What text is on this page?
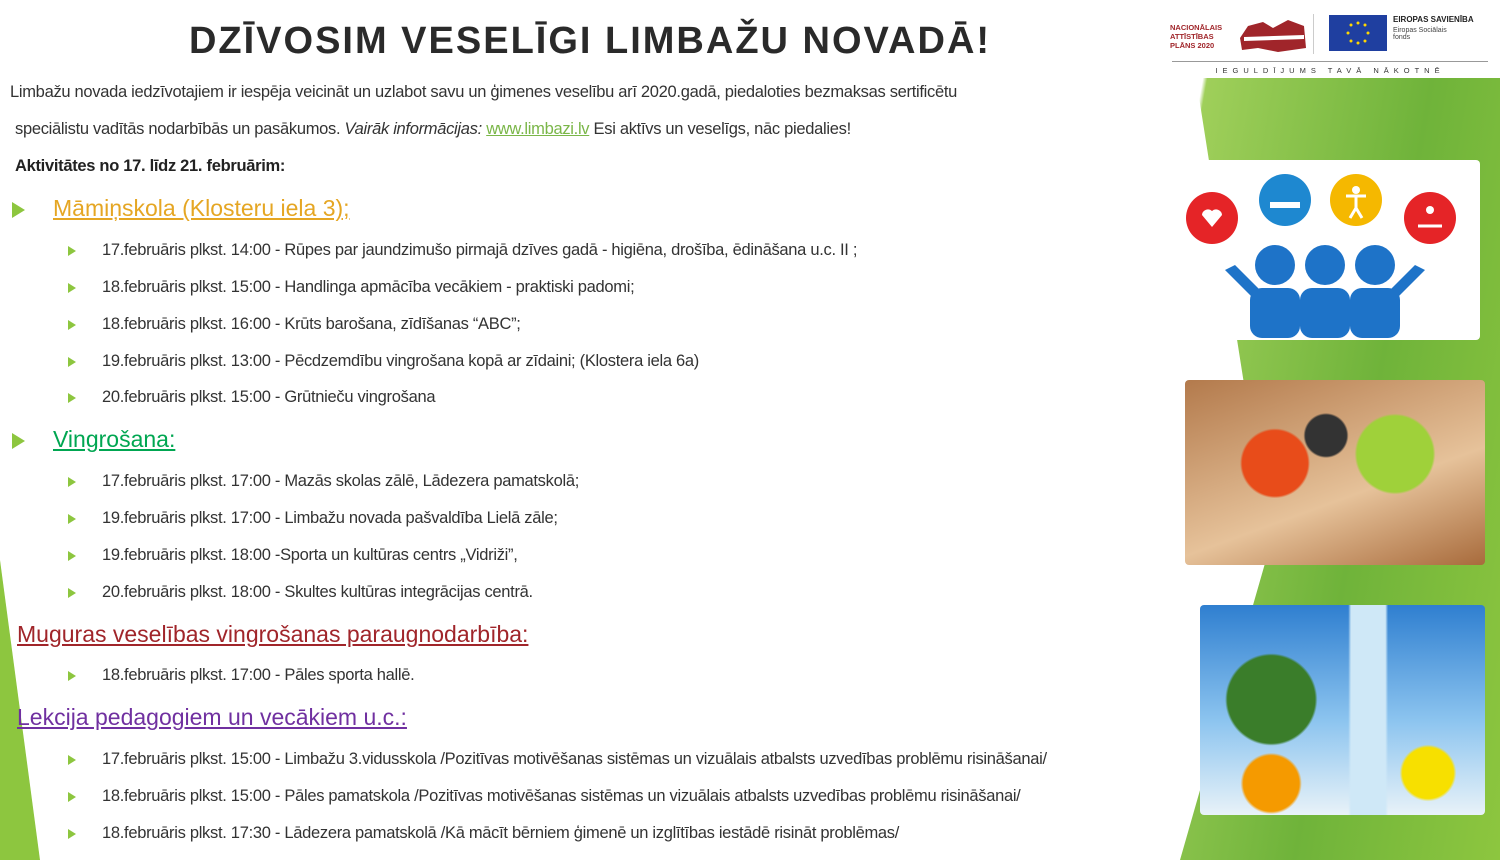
DZĪVOSIM VESELĪGI LIMBAŽU NOVADĀ!	NACIONĀLAIS ATTĪSTĪBAS PLĀNS 2020
EIROPAS SAVIENĪBA
Eiropas Sociālais fonds
IEGULDĪJUMS TAVĀ NĀKOTNĒ
Limbažu novada iedzīvotajiem ir iespēja veicināt un uzlabot savu un ģimenes veselību arī 2020.gadā, piedaloties bezmaksas sertificētu
speciālistu vadītās nodarbībās un pasākumos. Vairāk informācijas: www.limbazi.lv Esi aktīvs un veselīgs, nāc piedalies!
Aktivitātes no 17. līdz 21. februārim:
Māmiņskola (Klosteru iela 3);
17.februāris plkst. 14:00 - Rūpes par jaundzimušo pirmajā dzīves gadā - higiēna, drošība, ēdināšana u.c. II ;
18.februāris plkst. 15:00 - Handlinga apmācība vecākiem - praktiski padomi;
18.februāris plkst. 16:00 - Krūts barošana, zīdīšanas “ABC”;
19.februāris plkst. 13:00 - Pēcdzemdību vingrošana kopā ar zīdaini; (Klostera iela 6a)
20.februāris plkst. 15:00 - Grūtnieču vingrošana
Vingrošana:
17.februāris plkst. 17:00 - Mazās skolas zālē, Lādezera pamatskolā;
19.februāris plkst. 17:00 - Limbažu novada pašvaldība Lielā zāle;
19.februāris plkst. 18:00 -Sporta un kultūras centrs „Vidriži”,
20.februāris plkst. 18:00 - Skultes kultūras integrācijas centrā.
Muguras veselības vingrošanas paraugnodarbība:
18.februāris plkst. 17:00 - Pāles sporta hallē.
Lekcija pedagogiem un vecākiem u.c.:
17.februāris plkst. 15:00 - Limbažu 3.vidusskola /Pozitīvas motivēšanas sistēmas un vizuālais atbalsts uzvedības problēmu risināšanai/
18.februāris plkst. 15:00 - Pāles pamatskola /Pozitīvas motivēšanas sistēmas un vizuālais atbalsts uzvedības problēmu risināšanai/
18.februāris plkst. 17:30 - Lādezera pamatskolā /Kā mācīt bērniem ģimenē un izglītības iestādē risināt problēmas/
